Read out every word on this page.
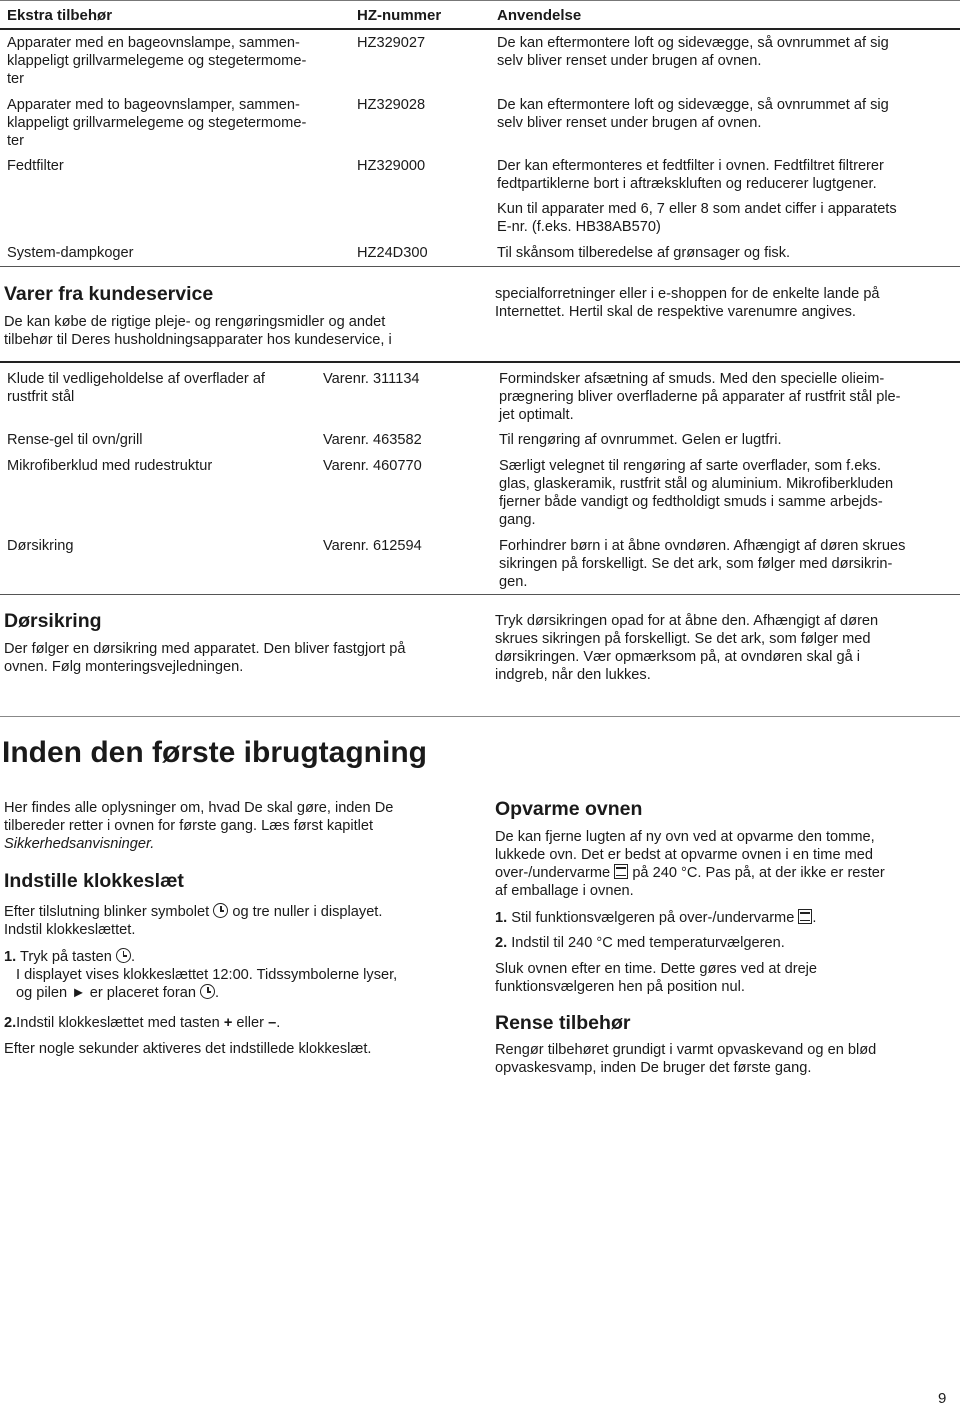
Ekstra tilbehør	HZ-nummer	Anvendelse
Apparater med en bageovnslampe, sammen-
klappeligt grillvarmelegeme og stegetermome-
ter
HZ329027	De kan eftermontere loft og sidevægge, så ovnrummet af sig
selv bliver renset under brugen af ovnen.
Apparater med to bageovnslamper, sammen-
klappeligt grillvarmelegeme og stegetermome-
ter
HZ329028	De kan eftermontere loft og sidevægge, så ovnrummet af sig
selv bliver renset under brugen af ovnen.
Fedtfilter	HZ329000	Der kan eftermonteres et fedtfilter i ovnen. Fedtfiltret filtrerer
fedtpartiklerne bort i aftrækskluften og reducerer lugtgener.
Kun til apparater med 6, 7 eller 8 som andet ciffer i apparatets
E-nr. (f.eks. HB38AB570)
System-dampkoger	HZ24D300	Til skånsom tilberedelse af grønsager og fisk.
Varer fra kundeservice
De kan købe de rigtige pleje- og rengøringsmidler og andet
tilbehør til Deres husholdningsapparater hos kundeservice, i
specialforretninger eller i e-shoppen for de enkelte lande på
Internettet. Hertil skal de respektive varenumre angives.
Klude til vedligeholdelse af overflader af
rustfrit stål
Varenr. 311134	Formindsker afsætning af smuds. Med den specielle olieim-
prægnering bliver overfladerne på apparater af rustfrit stål ple-
jet optimalt.
Rense-gel til ovn/grill	Varenr. 463582	Til rengøring af ovnrummet. Gelen er lugtfri.
Mikrofiberklud med rudestruktur	Varenr. 460770	Særligt velegnet til rengøring af sarte overflader, som f.eks.
glas, glaskeramik, rustfrit stål og aluminium. Mikrofiberkluden
fjerner både vandigt og fedtholdigt smuds i samme arbejds-
gang.
Dørsikring	Varenr. 612594	Forhindrer børn i at åbne ovndøren. Afhængigt af døren skrues
sikringen på forskelligt. Se det ark, som følger med dørsikrin-
gen.
Dørsikring
Der følger en dørsikring med apparatet. Den bliver fastgjort på
ovnen. Følg monteringsvejledningen.
Tryk dørsikringen opad for at åbne den. Afhængigt af døren
skrues sikringen på forskelligt. Se det ark, som følger med
dørsikringen. Vær opmærksom på, at ovndøren skal gå i
indgreb, når den lukkes.
Inden den første ibrugtagning
Her findes alle oplysninger om, hvad De skal gøre, inden De
tilbereder retter i ovnen for første gang. Læs først kapitlet
Sikkerhedsanvisninger.
Indstille klokkeslæt
Efter tilslutning blinker symbolet og tre nuller i displayet.
Indstil klokkeslættet.
1. Tryk på tasten .
I displayet vises klokkeslættet 12:00. Tidssymbolerne lyser,
og pilen ► er placeret foran .
2.Indstil klokkeslættet med tasten + eller –.
Efter nogle sekunder aktiveres det indstillede klokkeslæt.
Opvarme ovnen
De kan fjerne lugten af ny ovn ved at opvarme den tomme,
lukkede ovn. Det er bedst at opvarme ovnen i en time med
over-/undervarme på 240 °C. Pas på, at der ikke er rester
af emballage i ovnen.
1. Stil funktionsvælgeren på over-/undervarme .
2. Indstil til 240 °C med temperaturvælgeren.
Sluk ovnen efter en time. Dette gøres ved at dreje
funktionsvælgeren hen på position nul.
Rense tilbehør
Rengør tilbehøret grundigt i varmt opvaskevand og en blød
opvaskesvamp, inden De bruger det første gang.
9
